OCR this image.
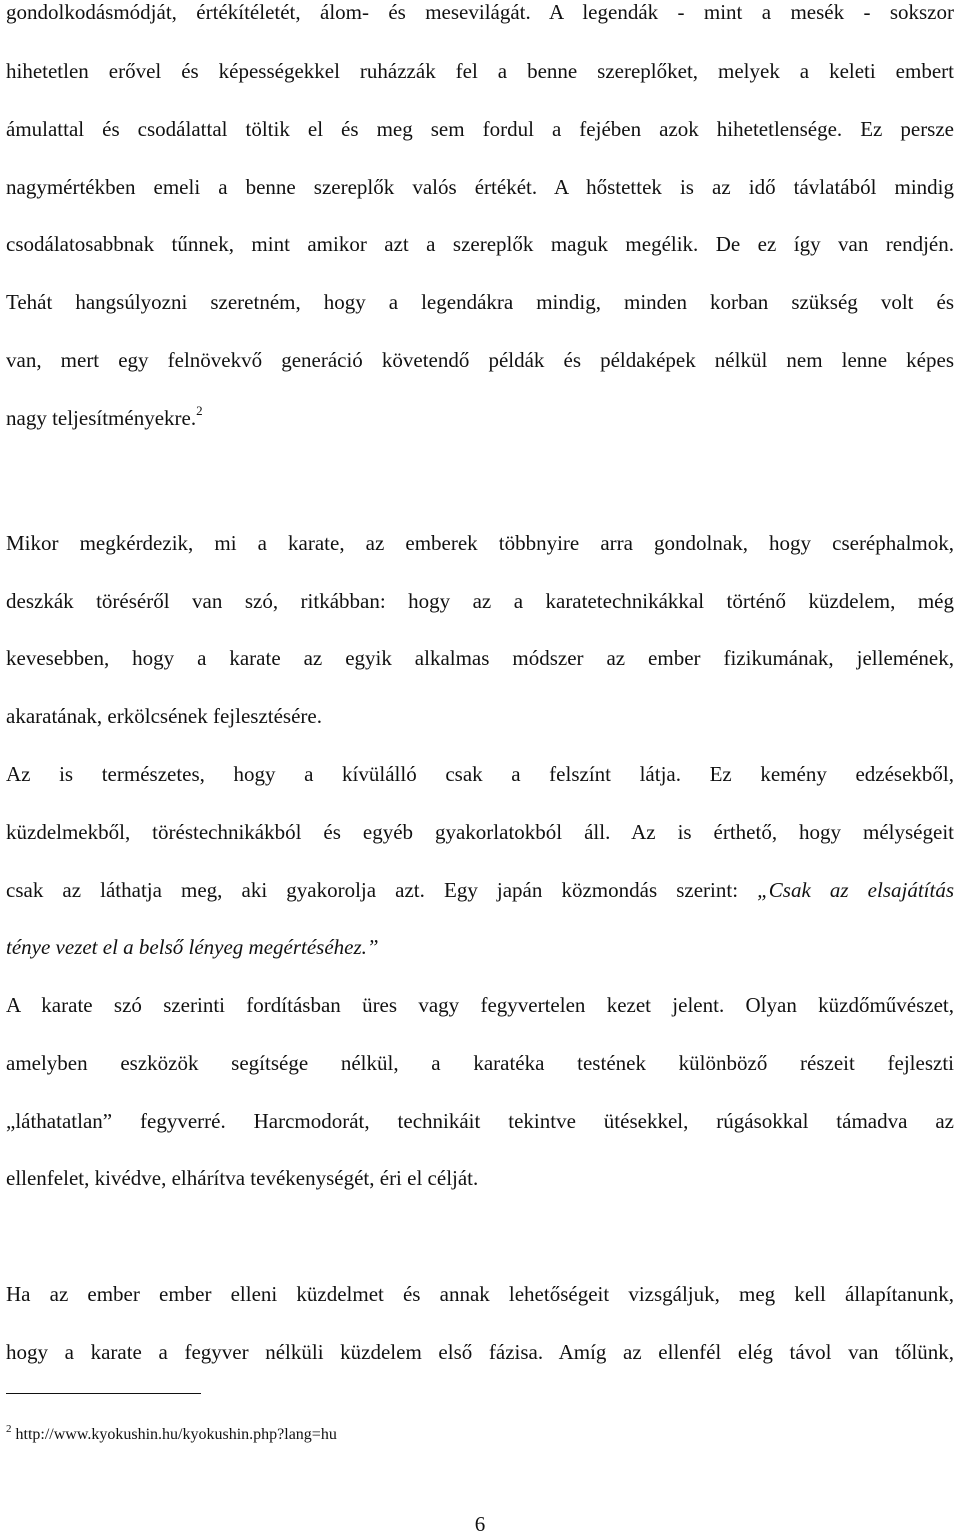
gondolkodásmódját, értékítéletét, álom- és mesevilágát. A legendák - mint a mesék - sokszor
hihetetlen erővel és képességekkel ruházzák fel a benne szereplőket, melyek a keleti embert
ámulattal és csodálattal töltik el és meg sem fordul a fejében azok hihetetlensége. Ez persze
nagymértékben emeli a benne szereplők valós értékét. A hőstettek is az idő távlatából mindig
csodálatosabbnak tűnnek, mint amikor azt a szereplők maguk megélik. De ez így van rendjén.
Tehát hangsúlyozni szeretném, hogy a legendákra mindig, minden korban szükség volt és
van, mert egy felnövekvő generáció követendő példák és példaképek nélkül nem lenne képes
nagy teljesítményekre.$^2$
Mikor megkérdezik, mi a karate, az emberek többnyire arra gondolnak, hogy cseréphalmok,
deszkák töréséről van szó, ritkábban: hogy az a karatetechnikákkal történő küzdelem, még
kevesebben, hogy a karate az egyik alkalmas módszer az ember fizikumának, jellemének,
akaratának, erkölcsének fejlesztésére.
Az is természetes, hogy a kívülálló csak a felszínt látja. Ez kemény edzésekből,
küzdelmekből, töréstechnikákból és egyéb gyakorlatokból áll. Az is érthető, hogy mélységeit
csak az láthatja meg, aki gyakorolja azt. Egy japán közmondás szerint: „Csak az elsajátítás
ténye vezet el a belső lényeg megértéséhez.”
A karate szó szerinti fordításban üres vagy fegyvertelen kezet jelent. Olyan küzdőművészet,
amelyben eszközök segítsége nélkül, a karatéka testének különböző részeit fejleszti
„láthatatlan” fegyverré. Harcmodorát, technikáit tekintve ütésekkel, rúgásokkal támadva az
ellenfelet, kivédve, elhárítva tevékenységét, éri el célját.
Ha az ember ember elleni küzdelmet és annak lehetőségeit vizsgáljuk, meg kell állapítanunk,
hogy a karate a fegyver nélküli küzdelem első fázisa. Amíg az ellenfél elég távol van tőlünk,
$^2$ http://www.kyokushin.hu/kyokushin.php?lang=hu
6
